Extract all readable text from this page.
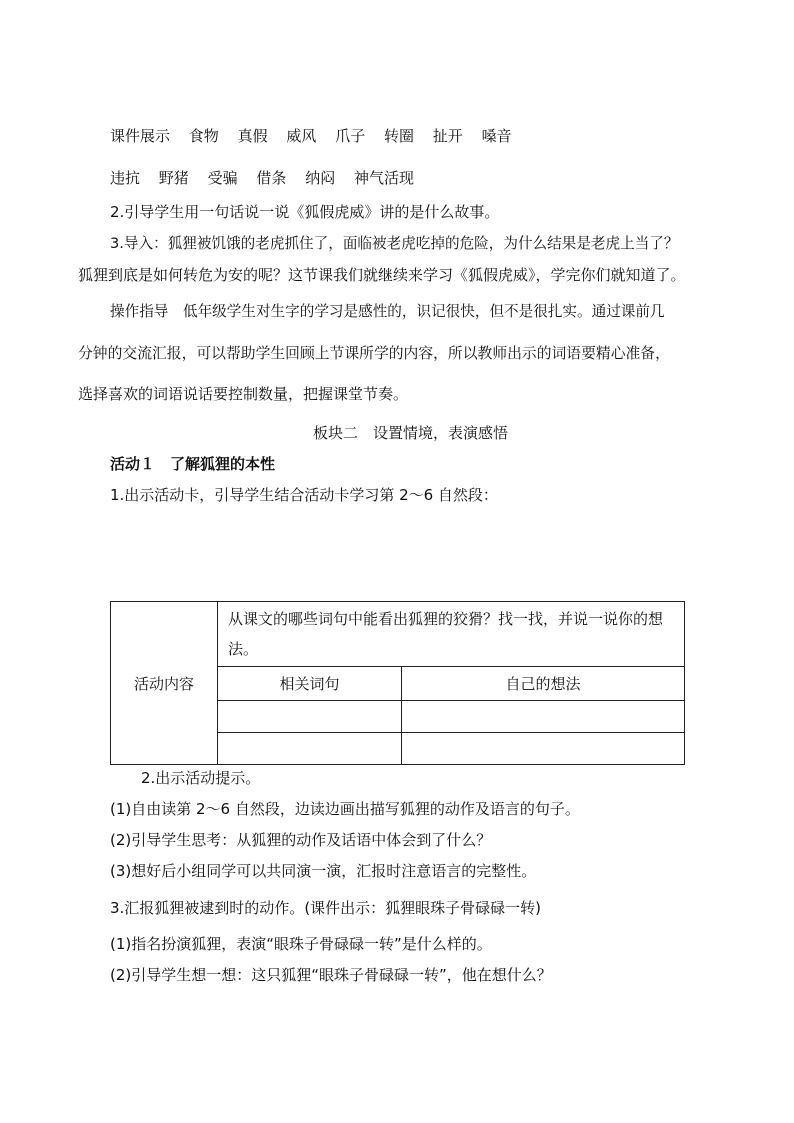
课件展示 食物 真假 威风 爪子 转圈 扯开 嗓音
违抗 野猪 受骗 借条 纳闷 神气活现
2.引导学生用一句话说一说《狐假虎威》讲的是什么故事。
3.导入：狐狸被饥饿的老虎抓住了，面临被老虎吃掉的危险，为什么结果是老虎上当了？
狐狸到底是如何转危为安的呢？这节课我们就继续来学习《狐假虎威》，学完你们就知道了。
操作指导　低年级学生对生字的学习是感性的，识记很快，但不是很扎实。通过课前几
分钟的交流汇报，可以帮助学生回顾上节课所学的内容，所以教师出示的词语要精心准备，
选择喜欢的词语说话要控制数量，把握课堂节奏。
板块二　设置情境，表演感悟
活动１　了解狐狸的本性
1.出示活动卡，引导学生结合活动卡学习第 2～6 自然段：
活动内容	从课文的哪些词句中能看出狐狸的狡猾？找一找，并说一说你的想法。	
	相关词句	自己的想法

2.出示活动提示。
(1)自由读第 2～6 自然段，边读边画出描写狐狸的动作及语言的句子。
(2)引导学生思考：从狐狸的动作及话语中体会到了什么？
(3)想好后小组同学可以共同演一演，汇报时注意语言的完整性。
3.汇报狐狸被逮到时的动作。(课件出示：狐狸眼珠子骨碌碌一转)
(1)指名扮演狐狸，表演“眼珠子骨碌碌一转”是什么样的。
(2)引导学生想一想：这只狐狸“眼珠子骨碌碌一转”，他在想什么？
